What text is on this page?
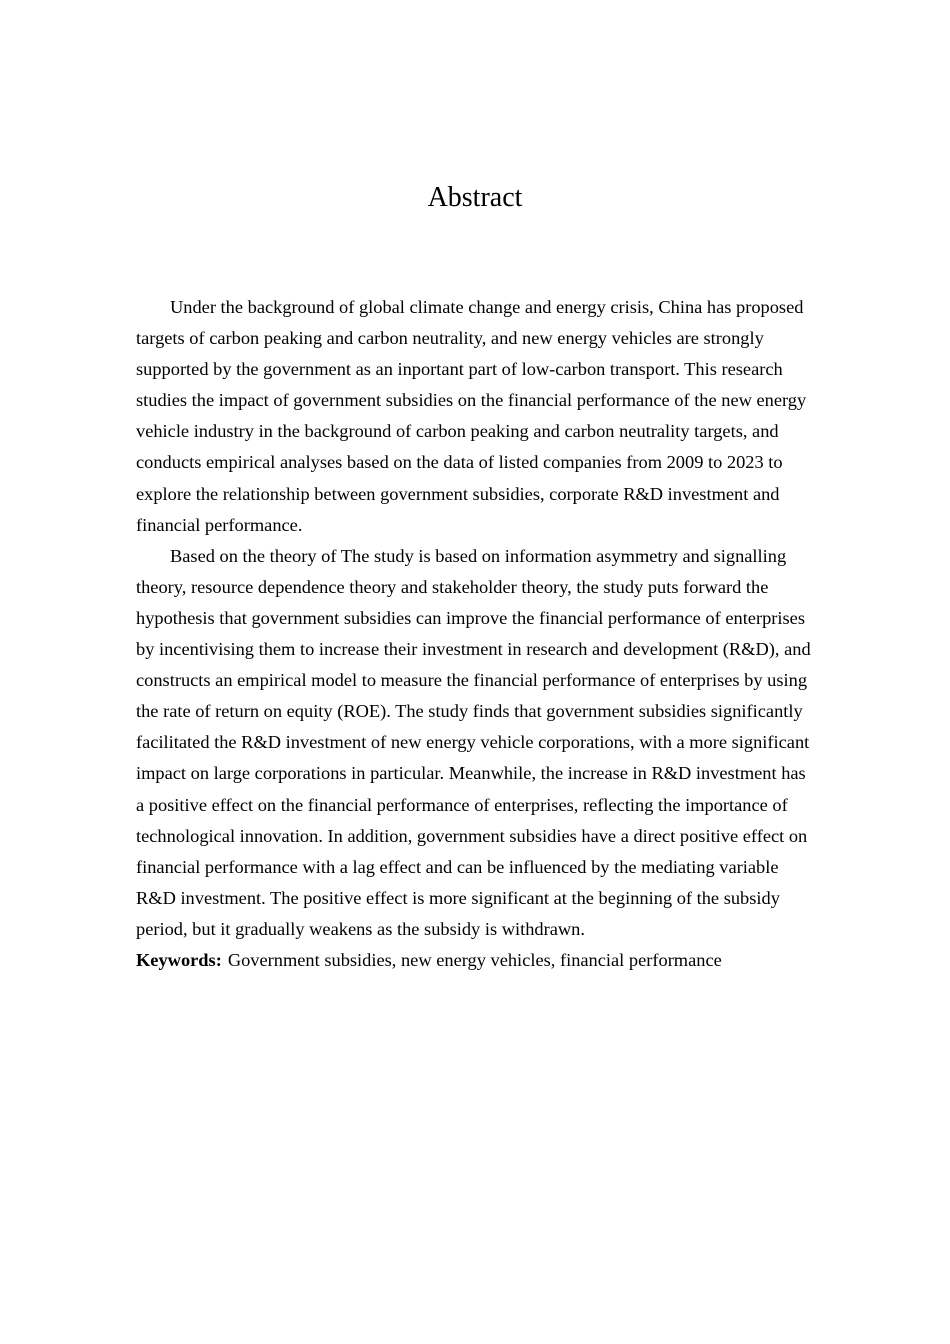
Abstract

Under the background of global climate change and energy crisis, China has proposed targets of carbon peaking and carbon neutrality, and new energy vehicles are strongly supported by the government as an inportant part of low-carbon transport. This research studies the impact of government subsidies on the financial performance of the new energy vehicle industry in the background of carbon peaking and carbon neutrality targets, and conducts empirical analyses based on the data of listed companies from 2009 to 2023 to explore the relationship between government subsidies, corporate R&D investment and financial performance.

Based on the theory of The study is based on information asymmetry and signalling theory, resource dependence theory and stakeholder theory, the study puts forward the hypothesis that government subsidies can improve the financial performance of enterprises by incentivising them to increase their investment in research and development (R&D), and constructs an empirical model to measure the financial performance of enterprises by using the rate of return on equity (ROE). The study finds that government subsidies significantly facilitated the R&D investment of new energy vehicle corporations, with a more significant impact on large corporations in particular. Meanwhile, the increase in R&D investment has a positive effect on the financial performance of enterprises, reflecting the importance of technological innovation. In addition, government subsidies have a direct positive effect on financial performance with a lag effect and can be influenced by the mediating variable R&D investment. The positive effect is more significant at the beginning of the subsidy period, but it gradually weakens as the subsidy is withdrawn.

Keywords: Government subsidies, new energy vehicles, financial performance
